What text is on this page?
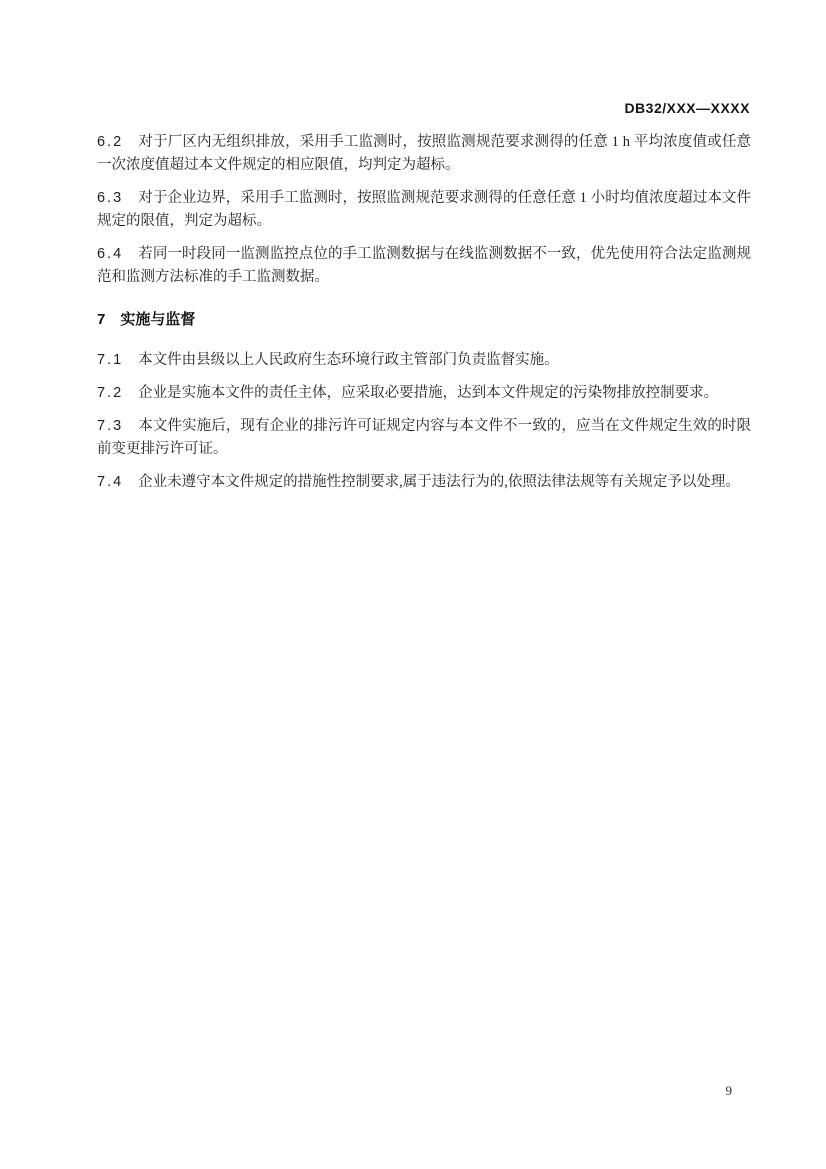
DB32/XXX—XXXX

6.2 对于厂区内无组织排放，采用手工监测时，按照监测规范要求测得的任意 1 h 平均浓度值或任意一次浓度值超过本文件规定的相应限值，均判定为超标。

6.3 对于企业边界，采用手工监测时，按照监测规范要求测得的任意任意 1 小时均值浓度超过本文件规定的限值，判定为超标。

6.4 若同一时段同一监测监控点位的手工监测数据与在线监测数据不一致，优先使用符合法定监测规范和监测方法标准的手工监测数据。

7 实施与监督

7.1 本文件由县级以上人民政府生态环境行政主管部门负责监督实施。

7.2 企业是实施本文件的责任主体，应采取必要措施，达到本文件规定的污染物排放控制要求。

7.3 本文件实施后，现有企业的排污许可证规定内容与本文件不一致的，应当在文件规定生效的时限前变更排污许可证。

7.4 企业未遵守本文件规定的措施性控制要求,属于违法行为的,依照法律法规等有关规定予以处理。

9
